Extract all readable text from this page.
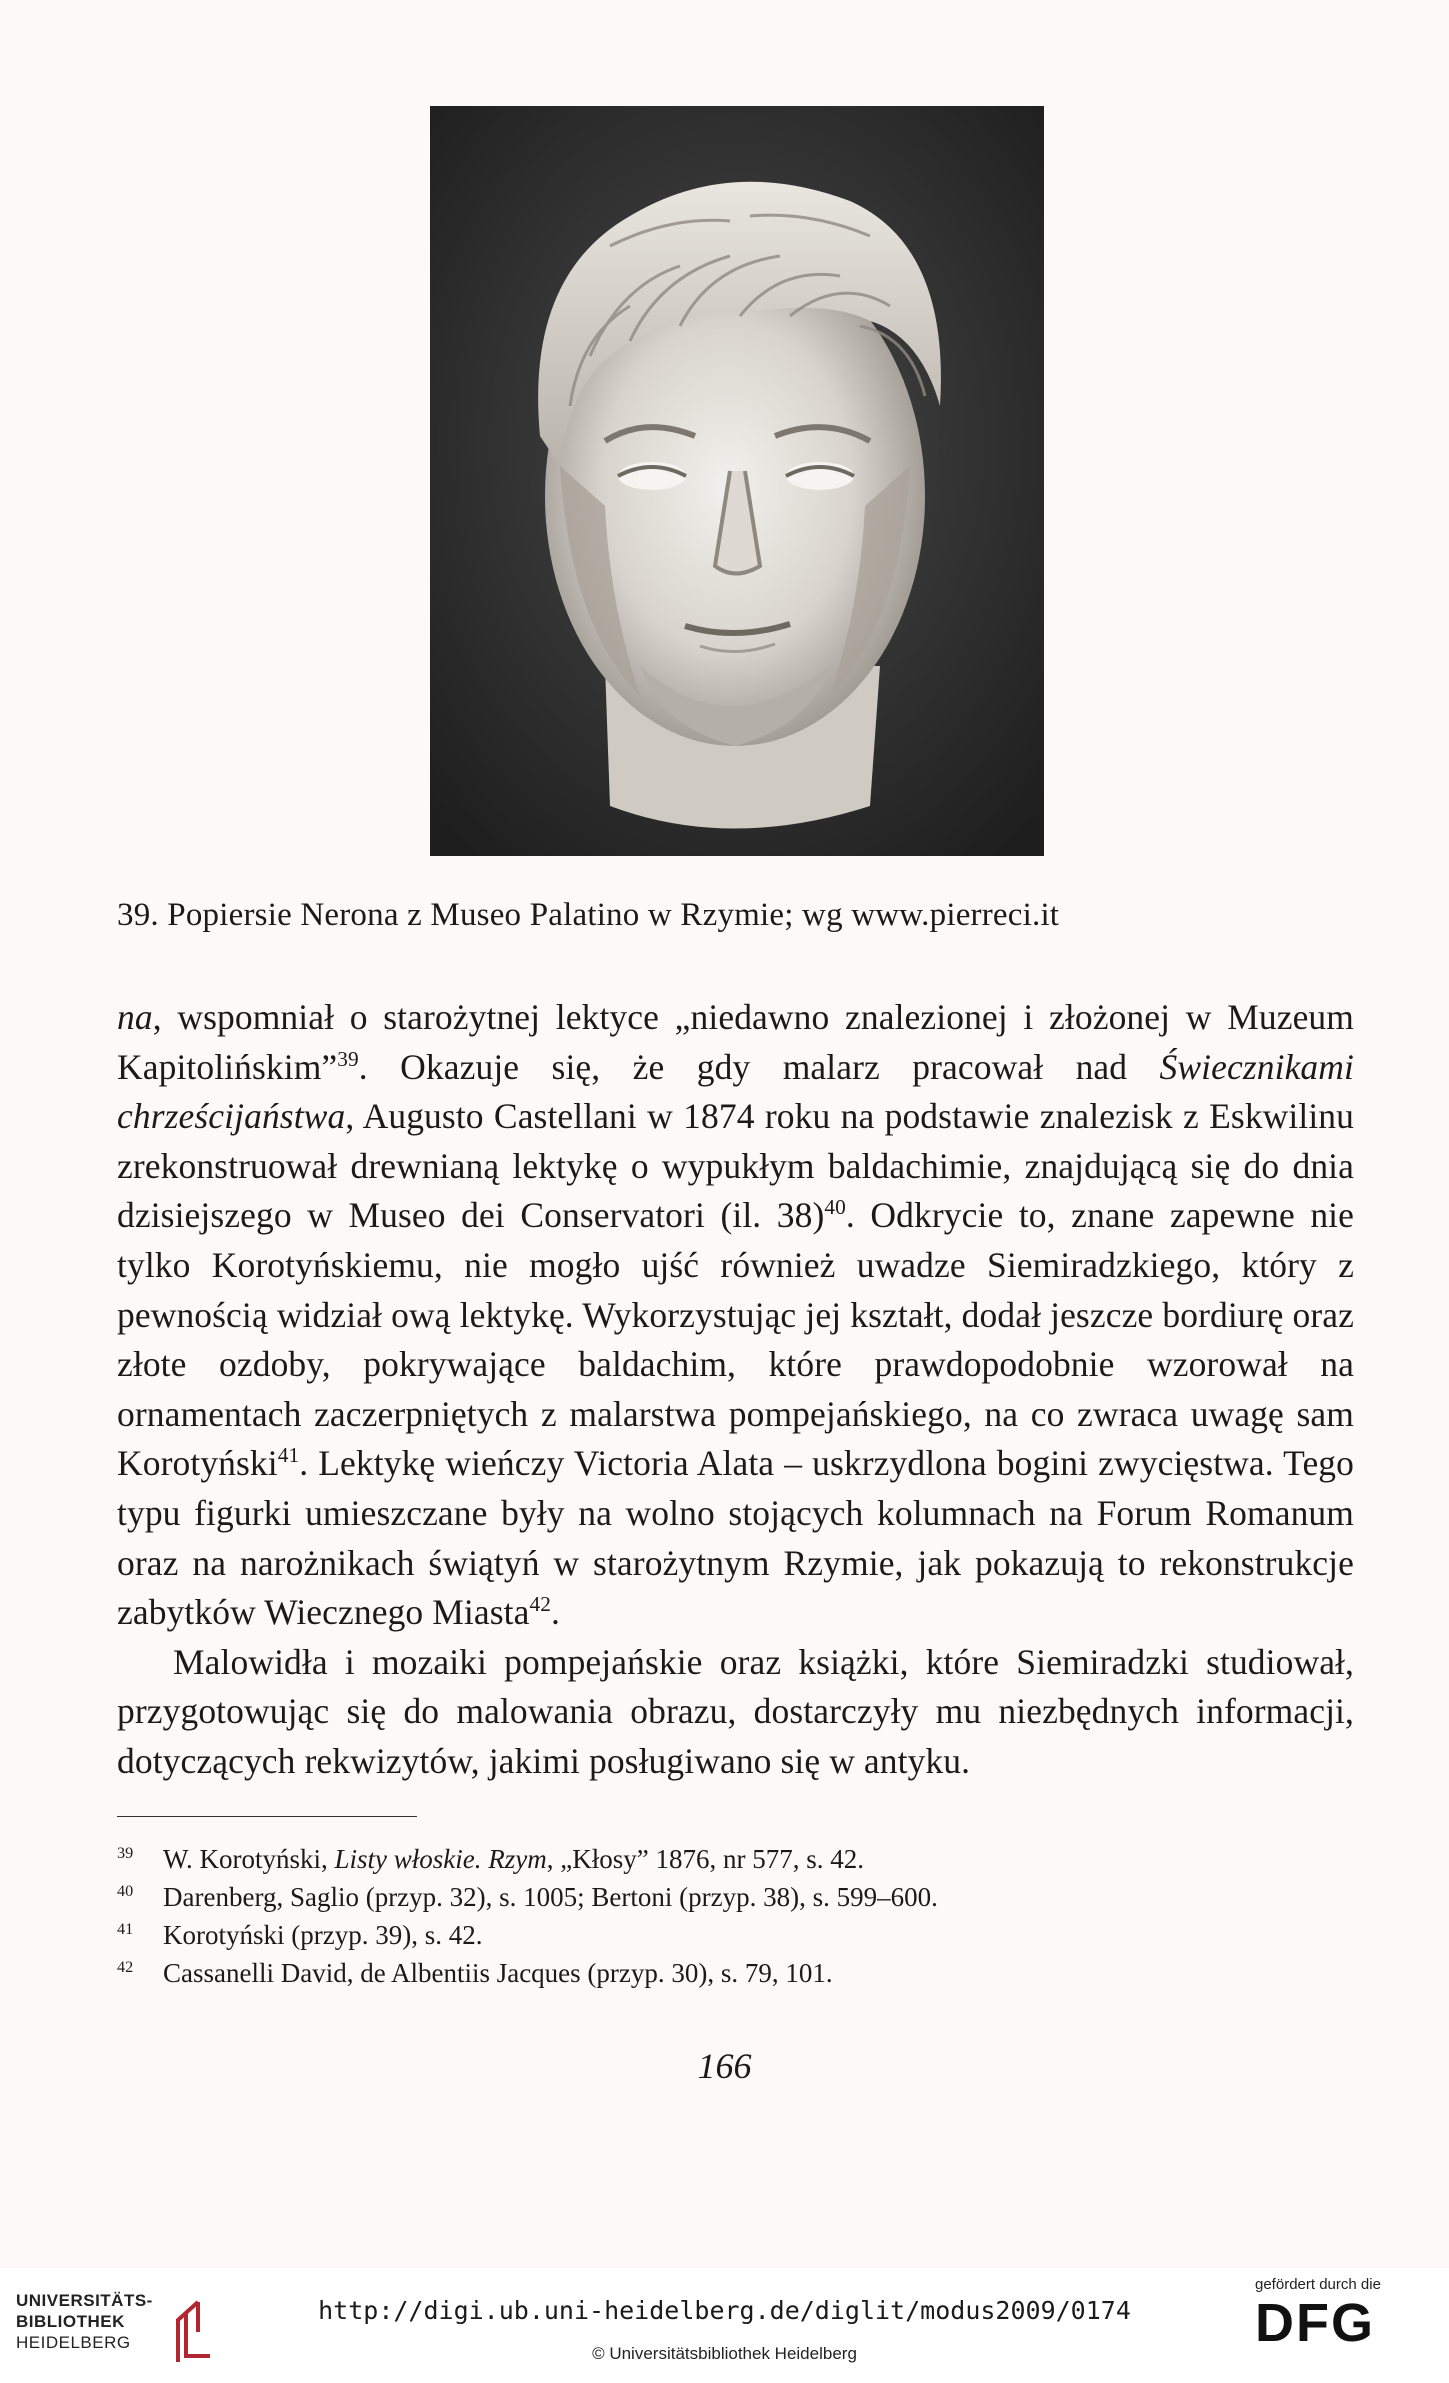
39. Popiersie Nerona z Museo Palatino w Rzymie; wg www.pierreci.it

na, wspomniał o starożytnej lektyce „niedawno znalezionej i złożonej w Muzeum Kapitolińskim”$^{39}$. Okazuje się, że gdy malarz pracował nad Świecznikami chrześcijaństwa, Augusto Castellani w 1874 roku na podstawie znalezisk z Eskwilinu zrekonstruował drewnianą lektykę o wypukłym baldachimie, znajdującą się do dnia dzisiejszego w Museo dei Conservatori (il. 38)$^{40}$. Odkrycie to, znane zapewne nie tylko Korotyńskiemu, nie mogło ujść również uwadze Siemiradzkiego, który z pewnością widział ową lektykę. Wykorzystując jej kształt, dodał jeszcze bordiurę oraz złote ozdoby, pokrywające baldachim, które prawdopodobnie wzorował na ornamentach zaczerpniętych z malarstwa pompejańskiego, na co zwraca uwagę sam Korotyński$^{41}$. Lektykę wieńczy Victoria Alata – uskrzydlona bogini zwycięstwa. Tego typu figurki umieszczane były na wolno stojących kolumnach na Forum Romanum oraz na narożnikach świątyń w starożytnym Rzymie, jak pokazują to rekonstrukcje zabytków Wiecznego Miasta$^{42}$.

Malowidła i mozaiki pompejańskie oraz książki, które Siemiradzki studiował, przygotowując się do malowania obrazu, dostarczyły mu niezbędnych informacji, dotyczących rekwizytów, jakimi posługiwano się w antyku.

$^{39}$ W. Korotyński, Listy włoskie. Rzym, „Kłosy” 1876, nr 577, s. 42.

$^{40}$ Darenberg, Saglio (przyp. 32), s. 1005; Bertoni (przyp. 38), s. 599–600.

$^{41}$ Korotyński (przyp. 39), s. 42.

$^{42}$ Cassanelli David, de Albentiis Jacques (przyp. 30), s. 79, 101.

166
UNIVERSITÄTS-
BIBLIOTHEK
HEIDELBERG
http://digi.ub.uni-heidelberg.de/diglit/modus2009/0174
© Universitätsbibliothek Heidelberg
gefördert durch die
DFG
